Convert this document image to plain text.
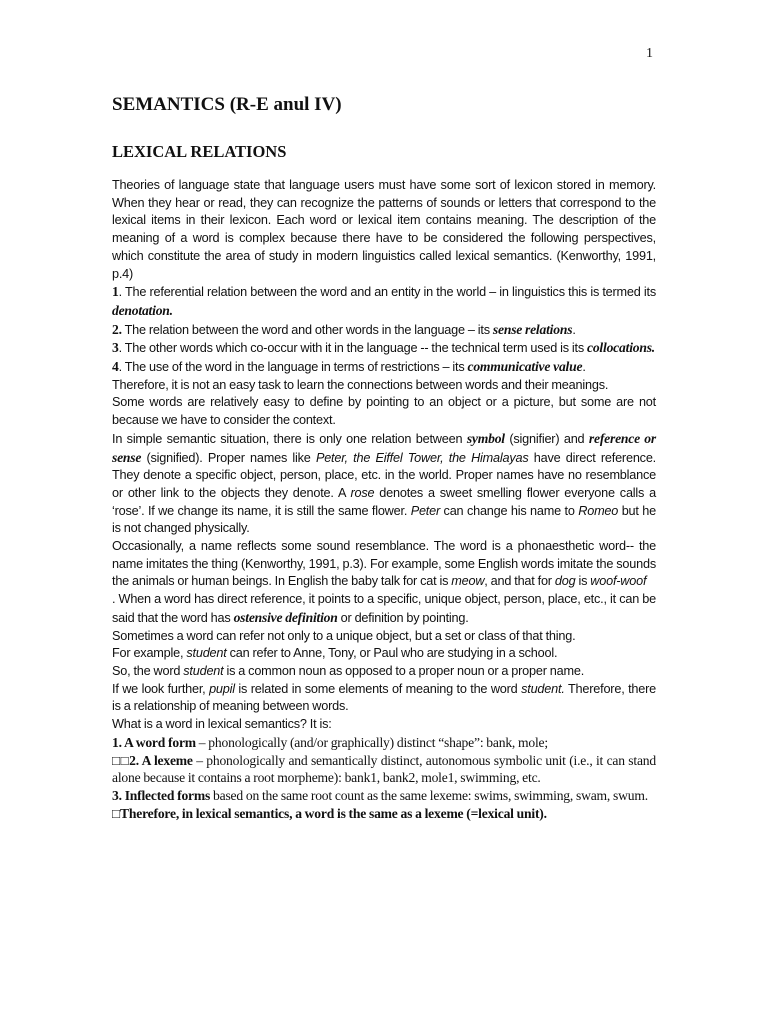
1
SEMANTICS (R-E anul IV)
LEXICAL RELATIONS

Theories of language state that language users must have some sort of lexicon stored in memory. When they hear or read, they can recognize the patterns of sounds or letters that correspond to the lexical items in their lexicon. Each word or lexical item contains meaning. The description of the meaning of a word is complex because there have to be considered the following perspectives, which constitute the area of study in modern linguistics called lexical semantics. (Kenworthy, 1991, p.4)

1. The referential relation between the word and an entity in the world – in linguistics this is termed its denotation.

2. The relation between the word and other words in the language – its sense relations.

3. The other words which co-occur with it in the language -- the technical term used is its collocations.

4. The use of the word in the language in terms of restrictions – its communicative value.

Therefore, it is not an easy task to learn the connections between words and their meanings.

Some words are relatively easy to define by pointing to an object or a picture, but some are not because we have to consider the context.

In simple semantic situation, there is only one relation between symbol (signifier) and reference or sense (signified). Proper names like Peter, the Eiffel Tower, the Himalayas have direct reference. They denote a specific object, person, place, etc. in the world. Proper names have no resemblance or other link to the objects they denote. A rose denotes a sweet smelling flower everyone calls a ‘rose’. If we change its name, it is still the same flower. Peter can change his name to Romeo but he is not changed physically.

Occasionally, a name reflects some sound resemblance. The word is a phonaesthetic word-- the name imitates the thing (Kenworthy, 1991, p.3). For example, some English words imitate the sounds the animals or human beings. In English the baby talk for cat is meow, and that for dog is woof-woof

. When a word has direct reference, it points to a specific, unique object, person, place, etc., it can be said that the word has ostensive definition or definition by pointing.

Sometimes a word can refer not only to a unique object, but a set or class of that thing.

For example, student can refer to Anne, Tony, or Paul who are studying in a school.

So, the word student is a common noun as opposed to a proper noun or a proper name.

If we look further, pupil is related in some elements of meaning to the word student. Therefore, there is a relationship of meaning between words.

What is a word in lexical semantics? It is:

1. A word form – phonologically (and/or graphically) distinct “shape”: bank, mole;

□□2. A lexeme – phonologically and semantically distinct, autonomous symbolic unit (i.e., it can stand alone because it contains a root morpheme): bank1, bank2, mole1, swimming, etc.

3. Inflected forms based on the same root count as the same lexeme: swims, swimming, swam, swum.

□Therefore, in lexical semantics, a word is the same as a lexeme (=lexical unit).
